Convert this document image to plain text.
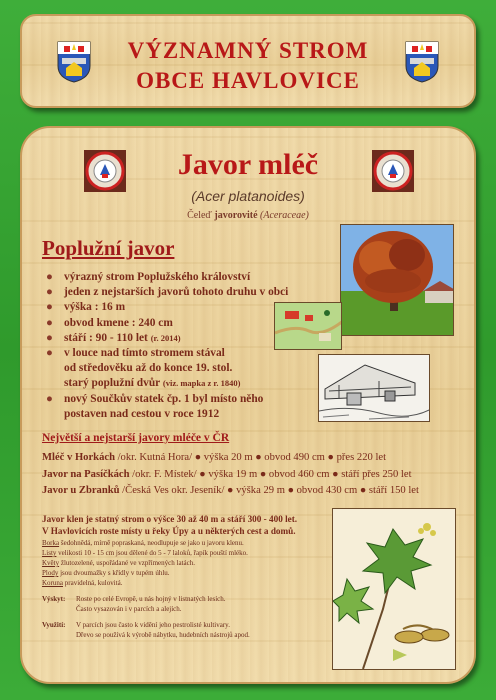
VÝZNAMNÝ STROM
OBCE HAVLOVICE
Javor mléč
(Acer platanoides)
Čeleď javorovité (Aceraceae)
Poplužní javor
● výrazný strom Poplužského království
● jeden z nejstarších javorů tohoto druhu v obci
● výška : 16 m
● obvod kmene : 240 cm
● stáří : 90 - 110 let (r. 2014)
● v louce nad tímto stromem stával
od středověku až do konce 19. stol.
starý poplužní dvůr (viz. mapka z r. 1840)
● nový Součkův statek čp. 1 byl místo něho
postaven nad cestou v roce 1912
Největší a nejstarší javory mléče v ČR
Mléč v Horkách /okr. Kutná Hora/ ● výška 20 m ● obvod 490 cm ● přes 220 let
Javor na Pasíčkách /okr. F. Místek/ ● výška 19 m ● obvod 460 cm ● stáří přes 250 let
Javor u Zbranků /Česká Ves okr. Jeseník/ ● výška 29 m ● obvod 430 cm ● stáří 150 let
Javor klen je statný strom o výšce 30 až 40 m a stáří 300 - 400 let.
V Havlovicích roste místy u řeky Úpy a u některých cest a domů.
Borka šedohnědá, mírně popraskaná, neodlupuje se jako u javoru klenu.
Listy velikosti 10 - 15 cm jsou dělené do 5 - 7 laloků, řapík pouští mléko.
Květy žlutozelené, uspořádané ve vzpřímených latách.
Plody jsou dvoumažky s křídly v tupém úhlu.
Koruna pravidelná, kulovitá.
Výskyt: Roste po celé Evropě, u nás hojný v listnatých lesích.
Často vysazován i v parcích a alejích.
Využití: V parcích jsou často k vidění jeho pestrolisté kultivary.
Dřevo se používá k výrobě nábytku, hudebních nástrojů apod.
